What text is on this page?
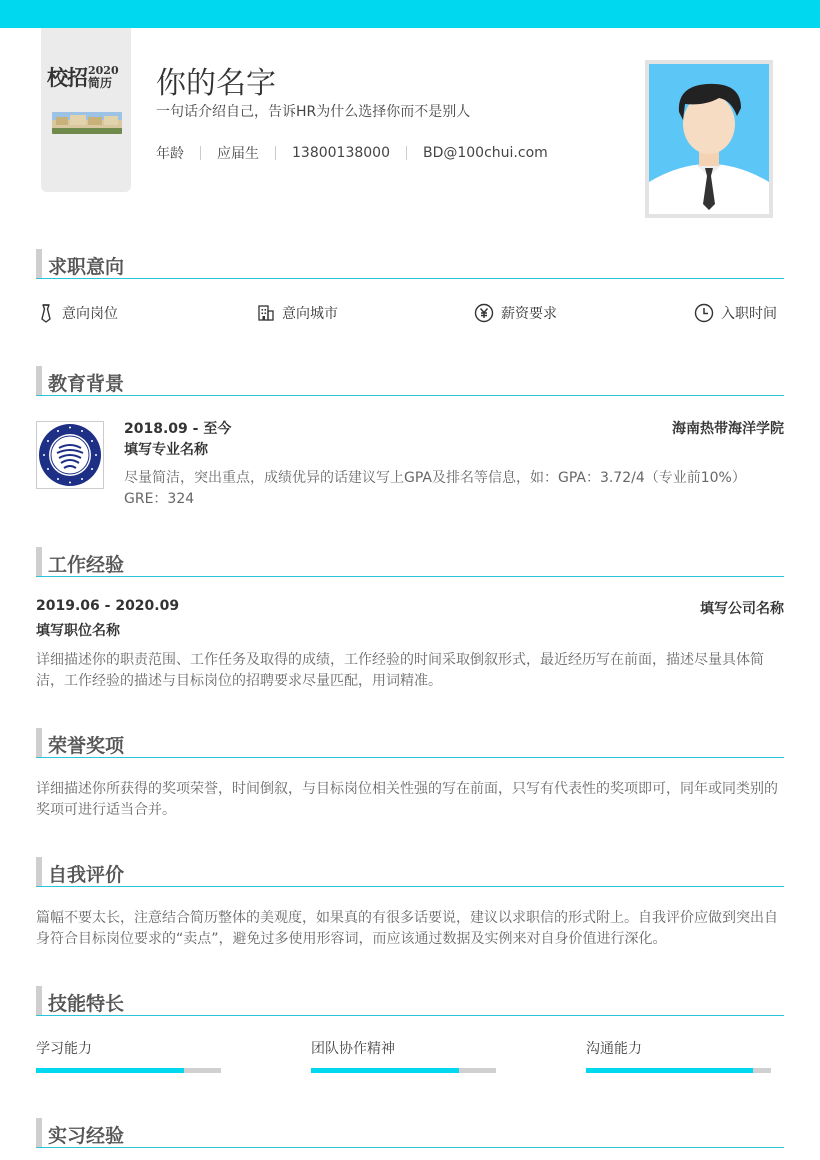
校招 2020
简历 你的名字
一句话介绍自己，告诉HR为什么选择你而不是别人
年龄 应届生 13800138000 BD@100chui.com
求职意向
意向岗位	意向城市	薪资要求	入职时间
教育背景
2018.09 - 至今	海南热带海洋学院
填写专业名称
尽量简洁，突出重点，成绩优异的话建议写上GPA及排名等信息，如：GPA：3.72/4（专业前10%） GRE：324
工作经验
2019.06 - 2020.09	填写公司名称
填写职位名称
详细描述你的职责范围、工作任务及取得的成绩，工作经验的时间采取倒叙形式，最近经历写在前面，描述尽量具体简洁，工作经验的描述与目标岗位的招聘要求尽量匹配，用词精准。
荣誉奖项
详细描述你所获得的奖项荣誉，时间倒叙，与目标岗位相关性强的写在前面，只写有代表性的奖项即可，同年或同类别的奖项可进行适当合并。
自我评价
篇幅不要太长，注意结合简历整体的美观度，如果真的有很多话要说，建议以求职信的形式附上。自我评价应做到突出自身符合目标岗位要求的“卖点”，避免过多使用形容词，而应该通过数据及实例来对自身价值进行深化。
技能特长
学习能力	团队协作精神	沟通能力
实习经验
